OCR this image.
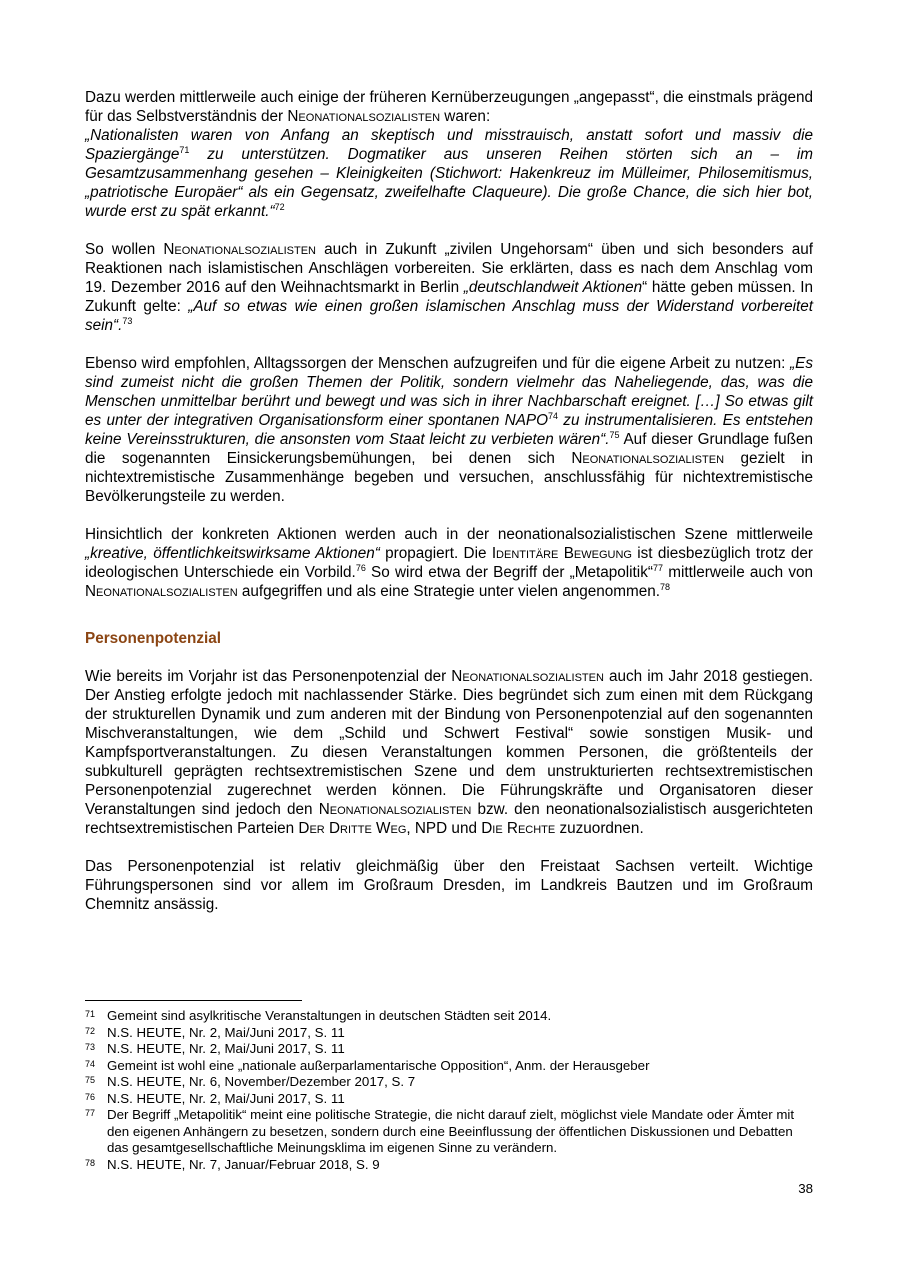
Dazu werden mittlerweile auch einige der früheren Kernüberzeugungen „angepasst“, die einstmals prägend für das Selbstverständnis der Neonationalsozialisten waren:
„Nationalisten waren von Anfang an skeptisch und misstrauisch, anstatt sofort und massiv die Spaziergänge$^{71}$ zu unterstützen. Dogmatiker aus unseren Reihen störten sich an – im Gesamtzusammenhang gesehen – Kleinigkeiten (Stichwort: Hakenkreuz im Mülleimer, Philosemitismus, „patriotische Europäer“ als ein Gegensatz, zweifelhafte Claqueure). Die große Chance, die sich hier bot, wurde erst zu spät erkannt.“$^{72}$

So wollen Neonationalsozialisten auch in Zukunft „zivilen Ungehorsam“ üben und sich besonders auf Reaktionen nach islamistischen Anschlägen vorbereiten. Sie erklärten, dass es nach dem Anschlag vom 19. Dezember 2016 auf den Weihnachtsmarkt in Berlin „deutschlandweit Aktionen“ hätte geben müssen. In Zukunft gelte: „Auf so etwas wie einen großen islamischen Anschlag muss der Widerstand vorbereitet sein“.$^{73}$

Ebenso wird empfohlen, Alltagssorgen der Menschen aufzugreifen und für die eigene Arbeit zu nutzen: „Es sind zumeist nicht die großen Themen der Politik, sondern vielmehr das Naheliegende, das, was die Menschen unmittelbar berührt und bewegt und was sich in ihrer Nachbarschaft ereignet. […] So etwas gilt es unter der integrativen Organisationsform einer spontanen NAPO$^{74}$ zu instrumentalisieren. Es entstehen keine Vereinsstrukturen, die ansonsten vom Staat leicht zu verbieten wären“.$^{75}$ Auf dieser Grundlage fußen die sogenannten Einsickerungsbemühungen, bei denen sich Neonationalsozialisten gezielt in nichtextremistische Zusammenhänge begeben und versuchen, anschlussfähig für nichtextremistische Bevölkerungsteile zu werden.

Hinsichtlich der konkreten Aktionen werden auch in der neonationalsozialistischen Szene mittlerweile „kreative, öffentlichkeitswirksame Aktionen“ propagiert. Die Identitäre Bewegung ist diesbezüglich trotz der ideologischen Unterschiede ein Vorbild.$^{76}$ So wird etwa der Begriff der „Metapolitik“$^{77}$ mittlerweile auch von Neonationalsozialisten aufgegriffen und als eine Strategie unter vielen angenommen.$^{78}$

Personenpotenzial

Wie bereits im Vorjahr ist das Personenpotenzial der Neonationalsozialisten auch im Jahr 2018 gestiegen. Der Anstieg erfolgte jedoch mit nachlassender Stärke. Dies begründet sich zum einen mit dem Rückgang der strukturellen Dynamik und zum anderen mit der Bindung von Personenpotenzial auf den sogenannten Mischveranstaltungen, wie dem „Schild und Schwert Festival“ sowie sonstigen Musik- und Kampfsportveranstaltungen. Zu diesen Veranstaltungen kommen Personen, die größtenteils der subkulturell geprägten rechtsextremistischen Szene und dem unstrukturierten rechtsextremistischen Personenpotenzial zugerechnet werden können. Die Führungskräfte und Organisatoren dieser Veranstaltungen sind jedoch den Neonationalsozialisten bzw. den neonationalsozialistisch ausgerichteten rechtsextremistischen Parteien Der Dritte Weg, NPD und Die Rechte zuzuordnen.

Das Personenpotenzial ist relativ gleichmäßig über den Freistaat Sachsen verteilt. Wichtige Führungspersonen sind vor allem im Großraum Dresden, im Landkreis Bautzen und im Großraum Chemnitz ansässig.

71 Gemeint sind asylkritische Veranstaltungen in deutschen Städten seit 2014.
72 N.S. HEUTE, Nr. 2, Mai/Juni 2017, S. 11
73 N.S. HEUTE, Nr. 2, Mai/Juni 2017, S. 11
74 Gemeint ist wohl eine „nationale außerparlamentarische Opposition“, Anm. der Herausgeber
75 N.S. HEUTE, Nr. 6, November/Dezember 2017, S. 7
76 N.S. HEUTE, Nr. 2, Mai/Juni 2017, S. 11
77 Der Begriff „Metapolitik“ meint eine politische Strategie, die nicht darauf zielt, möglichst viele Mandate oder Ämter mit den eigenen Anhängern zu besetzen, sondern durch eine Beeinflussung der öffentlichen Diskussionen und Debatten das gesamtgesellschaftliche Meinungsklima im eigenen Sinne zu verändern.
78 N.S. HEUTE, Nr. 7, Januar/Februar 2018, S. 9
38
